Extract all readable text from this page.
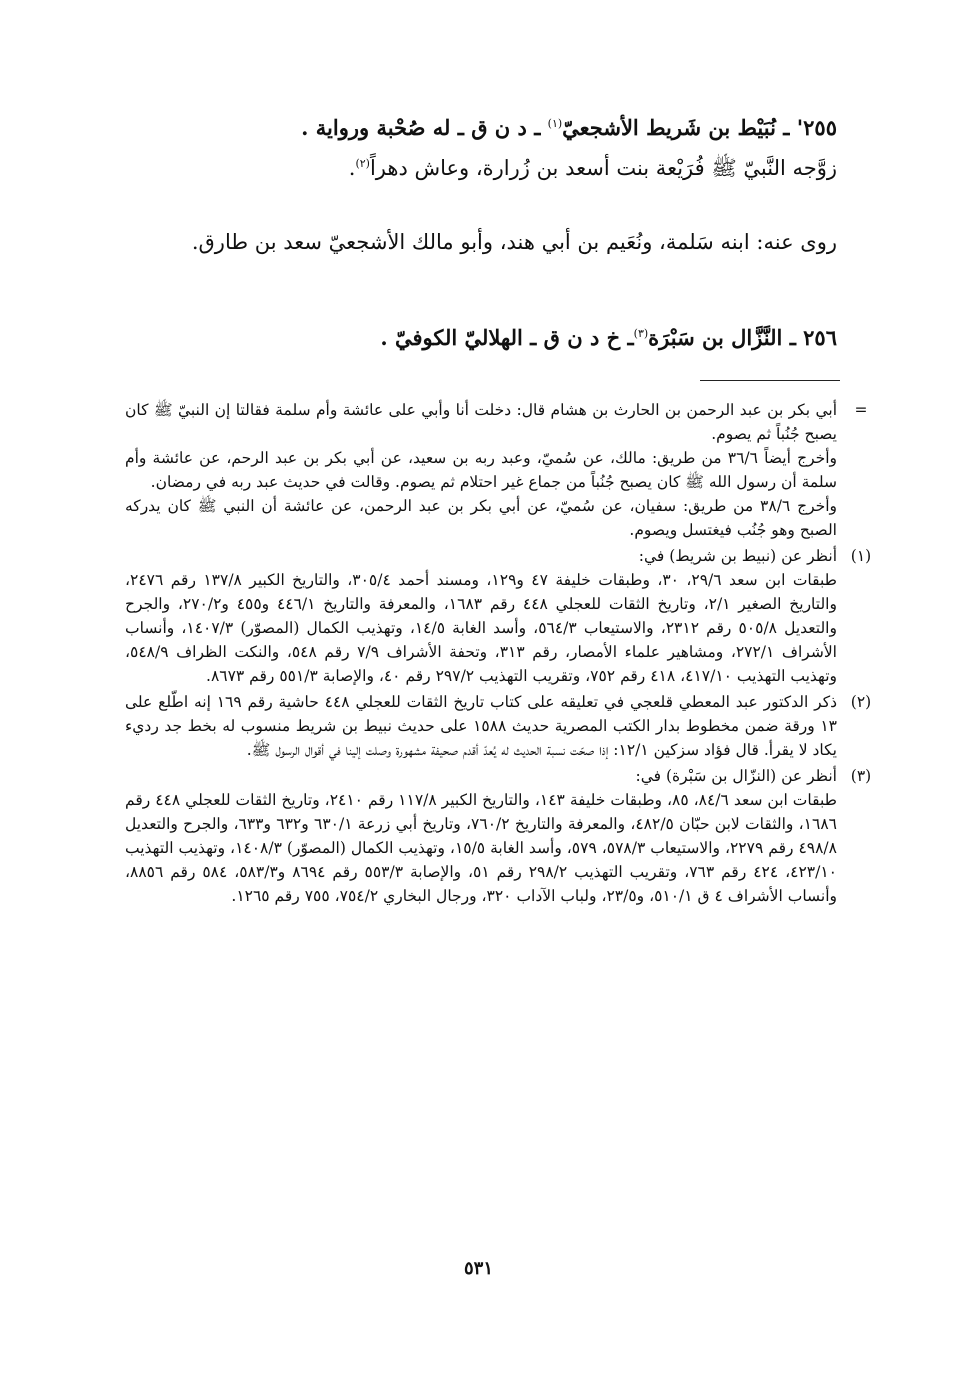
٢٥٥' ـ نُبَيْط بن شَريط الأشجعيّ$^{(١)}$ ـ د ن ق ـ له صُحْبة ورواية .

زوَّجه النَّبيّ ﷺ فُرَيْعة بنت أسعد بن زُرارة، وعاش دهراً$^{(٢)}$.

روى عنه: ابنه سَلمة، ونُعَيم بن أبي هند، وأبو مالك الأشجعيّ سعد بن طارق.

٢٥٦ ـ النَّزَّال بن سَبْرَة$^{(٣)}$ـ خ د ن ق ـ الهلاليّ الكوفيّ .

=

أبي بكر بن عبد الرحمن بن الحارث بن هشام قال: دخلت أنا وأبي على عائشة وأم سلمة فقالتا إن النبيّ ﷺ كان يصبح جُنُباً ثم يصوم.

وأخرج أيضاً ٣٦/٦ من طريق: مالك، عن سُميّ، وعبد ربه بن سعيد، عن أبي بكر بن عبد الرحم، عن عائشة وأم سلمة أن رسول الله ﷺ كان يصبح جُنُباً من جماع غير احتلام ثم يصوم. وقالت في حديث عبد ربه في رمضان.

وأخرج ٣٨/٦ من طريق: سفيان، عن سُميّ، عن أبي بكر بن عبد الرحمن، عن عائشة أن النبي ﷺ كان يدركه الصبح وهو جُنُب فيغتسل ويصوم.

(١)

أنظر عن (نبيط بن شريط) في:

طبقات ابن سعد ٢٩/٦، ٣٠، وطبقات خليفة ٤٧ و١٢٩، ومسند أحمد ٣٠٥/٤، والتاريخ الكبير ١٣٧/٨ رقم ٢٤٧٦، والتاريخ الصغير ٢/١، وتاريخ الثقات للعجلي ٤٤٨ رقم ١٦٨٣، والمعرفة والتاريخ ٤٤٦/١ و٤٥٥ و٢٧٠/٢، والجرح والتعديل ٥٠٥/٨ رقم ٢٣١٢، والاستيعاب ٥٦٤/٣، وأسد الغابة ١٤/٥، وتهذيب الكمال (المصوّر) ١٤٠٧/٣، وأنساب الأشراف ٢٧٢/١، ومشاهير علماء الأمصار، رقم ٣١٣، وتحفة الأشراف ٧/٩ رقم ٥٤٨، والنكت الظراف ٥٤٨/٩، وتهذيب التهذيب ٤١٧/١٠، ٤١٨ رقم ٧٥٢، وتقريب التهذيب ٢٩٧/٢ رقم ٤٠، والإصابة ٥٥١/٣ رقم ٨٦٧٣.

(٢)

ذكر الدكتور عبد المعطي قلعجي في تعليقه على كتاب تاريخ الثقات للعجلي ٤٤٨ حاشية رقم ١٦٩ إنه اطّلع على ١٣ ورقة ضمن مخطوط بدار الكتب المصرية حديث ١٥٨٨ على حديث نبيط بن شريط منسوب له بخط جد رديء يكاد لا يقرأ. قال فؤاد سزكين ١٢/١: إذا صحّت نسبة الحديث له يُعدّ أقدم صحيفة مشهورة وصلت إلينا في أقوال الرسول ﷺ.

(٣)

أنظر عن (النزّال بن سَبْرة) في:

طبقات ابن سعد ٨٤/٦، ٨٥، وطبقات خليفة ١٤٣، والتاريخ الكبير ١١٧/٨ رقم ٢٤١٠، وتاريخ الثقات للعجلي ٤٤٨ رقم ١٦٨٦، والثقات لابن حبّان ٤٨٢/٥، والمعرفة والتاريخ ٧٦٠/٢، وتاريخ أبي زرعة ٦٣٠/١ و٦٣٢ و٦٣٣، والجرح والتعديل ٤٩٨/٨ رقم ٢٢٧٩، والاستيعاب ٥٧٨/٣، ٥٧٩، وأسد الغابة ١٥/٥، وتهذيب الكمال (المصوّر) ١٤٠٨/٣، وتهذيب التهذيب ٤٢٣/١٠، ٤٢٤ رقم ٧٦٣، وتقريب التهذيب ٢٩٨/٢ رقم ٥١، والإصابة ٥٥٣/٣ رقم ٨٦٩٤ و٥٨٣/٣، ٥٨٤ رقم ٨٨٥٦، وأنساب الأشراف ٤ ق ٥١٠/١، و٢٣/٥، ولباب الآداب ٣٢٠، ورجال البخاري ٧٥٤/٢، ٧٥٥ رقم ١٢٦٥.

٥٣١
